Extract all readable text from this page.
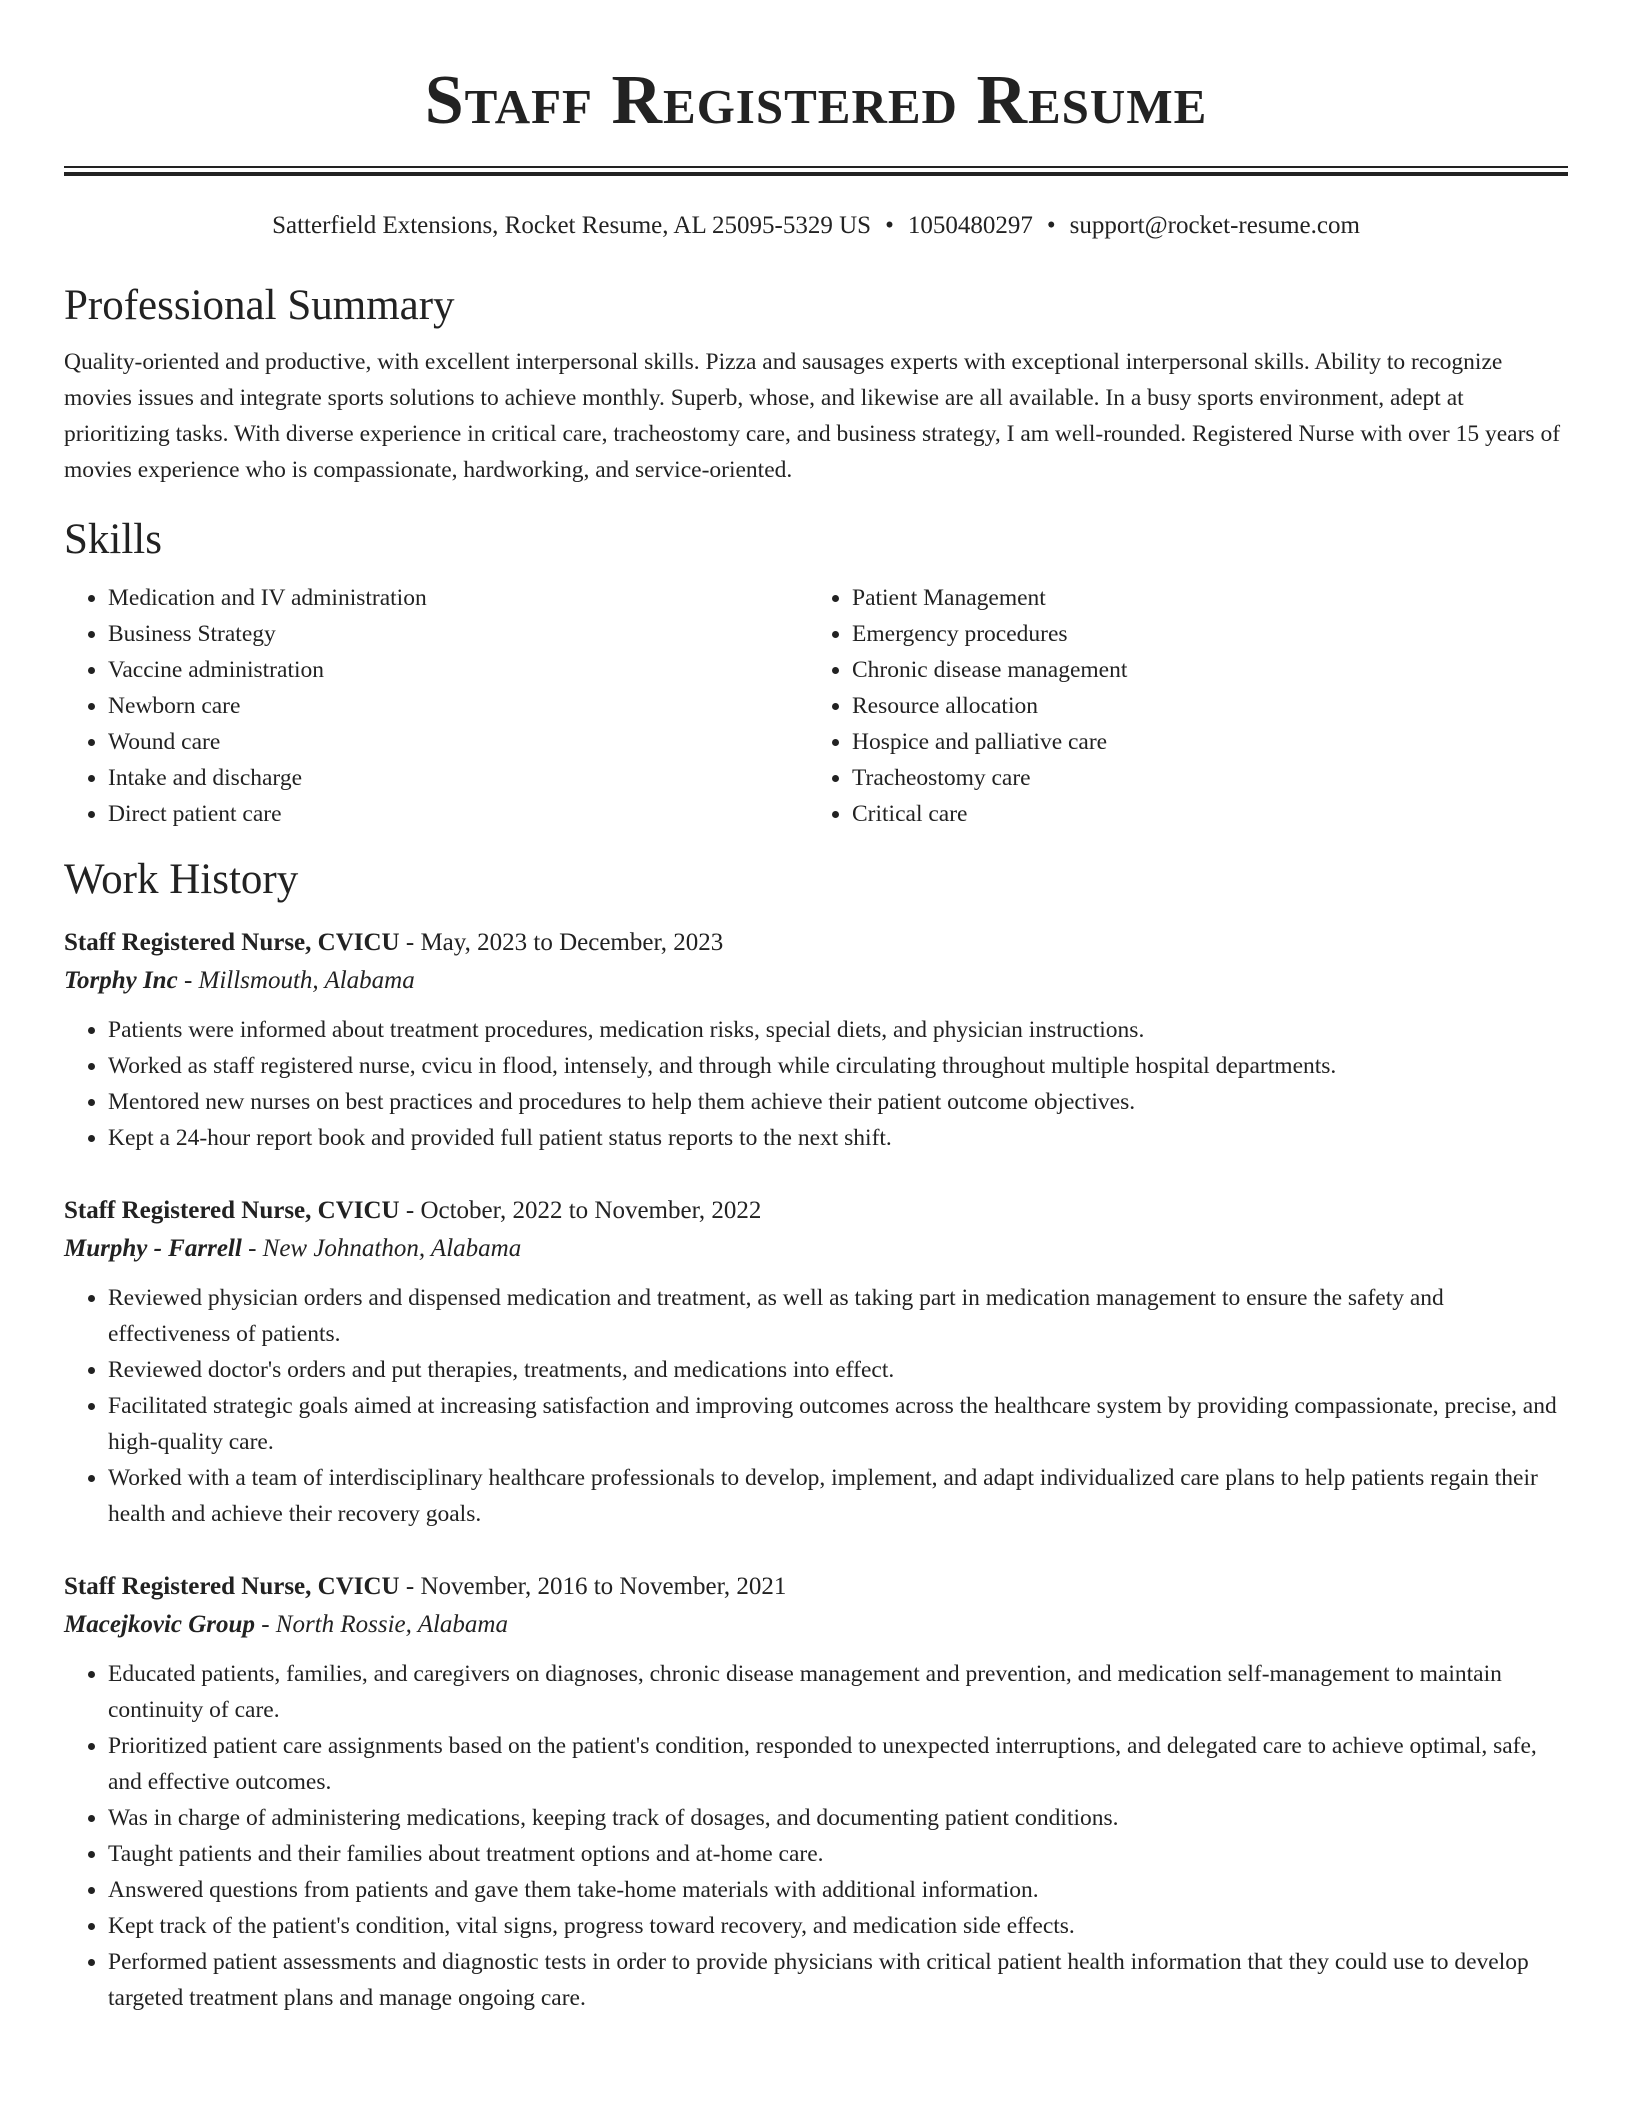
Staff Registered Resume
Satterfield Extensions, Rocket Resume, AL 25095-5329 US • 1050480297 • support@rocket-resume.com
Professional Summary

Quality-oriented and productive, with excellent interpersonal skills. Pizza and sausages experts with exceptional interpersonal skills. Ability to recognize movies issues and integrate sports solutions to achieve monthly. Superb, whose, and likewise are all available. In a busy sports environment, adept at prioritizing tasks. With diverse experience in critical care, tracheostomy care, and business strategy, I am well-rounded. Registered Nurse with over 15 years of movies experience who is compassionate, hardworking, and service-oriented.

Skills
• Medication and IV administration
• Business Strategy
• Vaccine administration
• Newborn care
• Wound care
• Intake and discharge
• Direct patient care
• Patient Management
• Emergency procedures
• Chronic disease management
• Resource allocation
• Hospice and palliative care
• Tracheostomy care
• Critical care
Work History
Staff Registered Nurse, CVICU - May, 2023 to December, 2023
Torphy Inc - Millsmouth, Alabama
• Patients were informed about treatment procedures, medication risks, special diets, and physician instructions.
• Worked as staff registered nurse, cvicu in flood, intensely, and through while circulating throughout multiple hospital departments.
• Mentored new nurses on best practices and procedures to help them achieve their patient outcome objectives.
• Kept a 24-hour report book and provided full patient status reports to the next shift.
Staff Registered Nurse, CVICU - October, 2022 to November, 2022
Murphy - Farrell - New Johnathon, Alabama
• Reviewed physician orders and dispensed medication and treatment, as well as taking part in medication management to ensure the safety and effectiveness of patients.
• Reviewed doctor's orders and put therapies, treatments, and medications into effect.
• Facilitated strategic goals aimed at increasing satisfaction and improving outcomes across the healthcare system by providing compassionate, precise, and high-quality care.
• Worked with a team of interdisciplinary healthcare professionals to develop, implement, and adapt individualized care plans to help patients regain their health and achieve their recovery goals.
Staff Registered Nurse, CVICU - November, 2016 to November, 2021
Macejkovic Group - North Rossie, Alabama
• Educated patients, families, and caregivers on diagnoses, chronic disease management and prevention, and medication self-management to maintain continuity of care.
• Prioritized patient care assignments based on the patient's condition, responded to unexpected interruptions, and delegated care to achieve optimal, safe, and effective outcomes.
• Was in charge of administering medications, keeping track of dosages, and documenting patient conditions.
• Taught patients and their families about treatment options and at-home care.
• Answered questions from patients and gave them take-home materials with additional information.
• Kept track of the patient's condition, vital signs, progress toward recovery, and medication side effects.
• Performed patient assessments and diagnostic tests in order to provide physicians with critical patient health information that they could use to develop targeted treatment plans and manage ongoing care.
